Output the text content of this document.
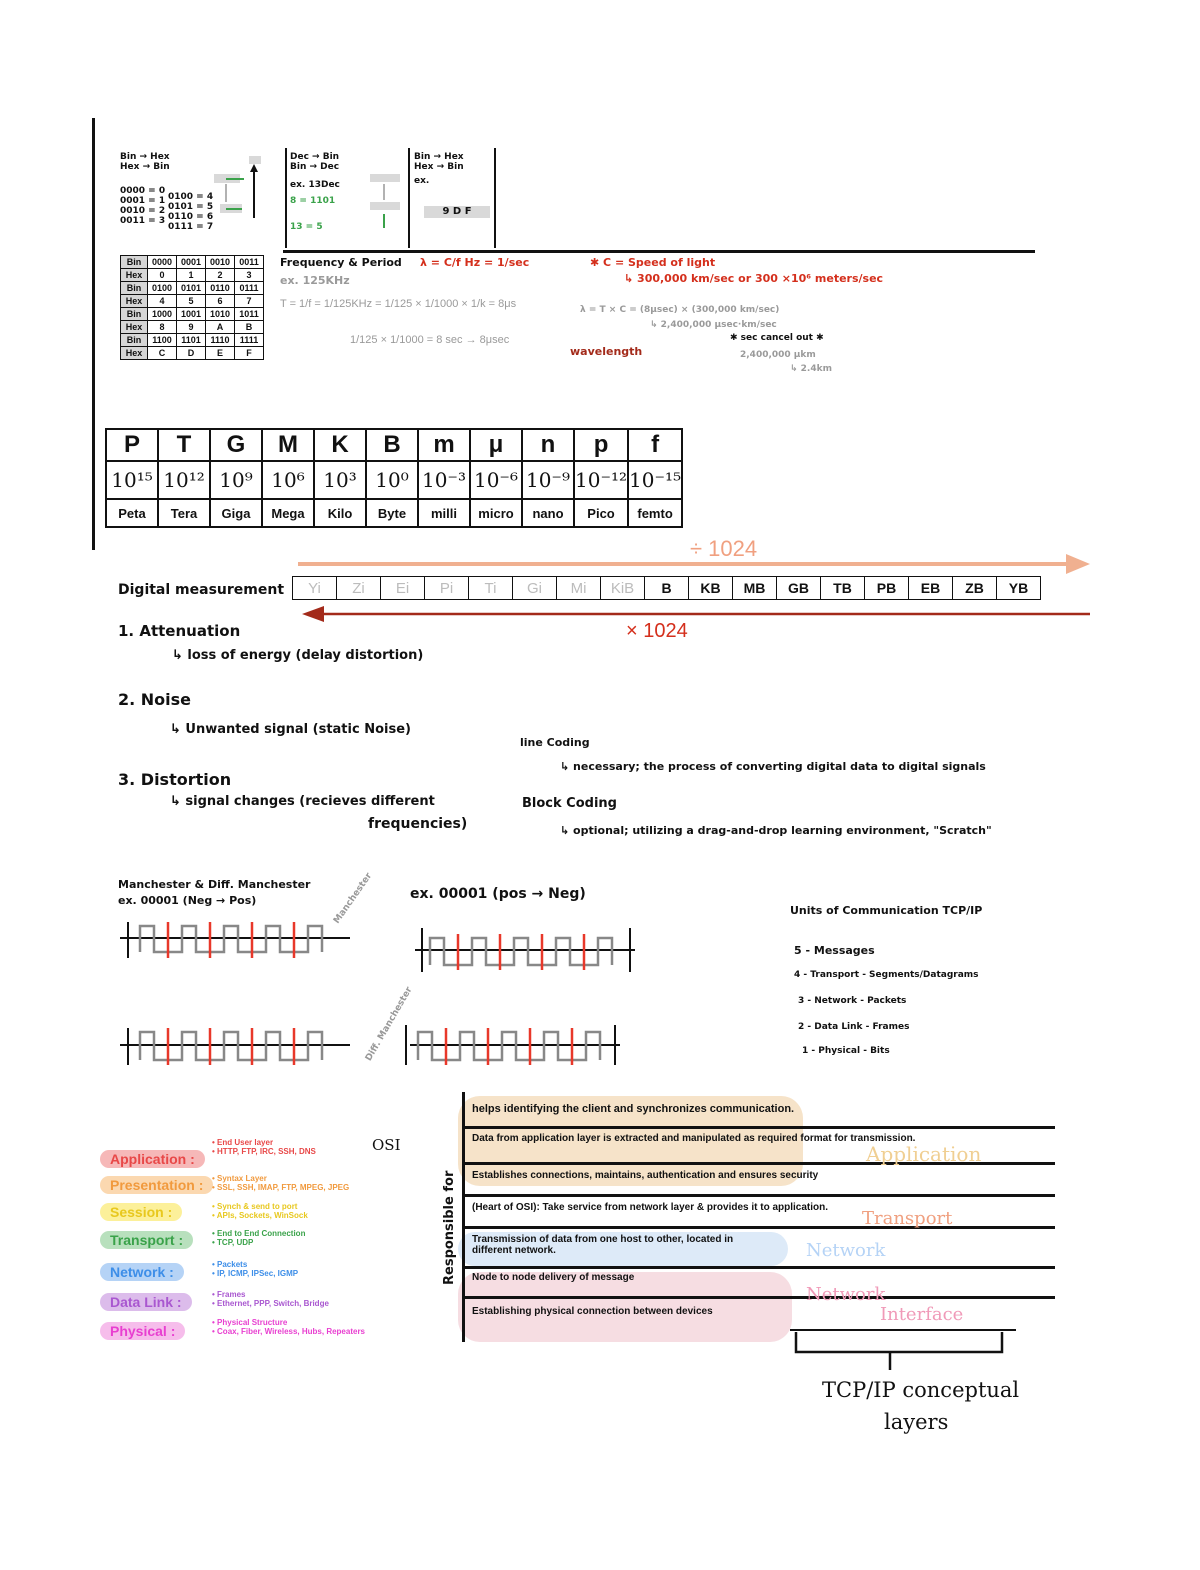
Bin → Hex
Hex → Bin
0000 = 0
0001 = 1
0010 = 2
0011 = 3
0100 = 4
0101 = 5
0110 = 6
0111 = 7
Dec → Bin
Bin → Dec
ex. 13Dec
8 = 1101
13 = 5
Bin → Hex
Hex → Bin
ex.
9 D F
Bin	0000	0001	0010	0011
Hex	0	1	2	3
Bin	0100	0101	0110	0111
Hex	4	5	6	7
Bin	1000	1001	1010	1011
Hex	8	9	A	B
Bin	1100	1101	1110	1111
Hex	C	D	E	F
Frequency & Period
ex. 125KHz
T = 1/f = 1/125KHz = 1/125 × 1/1000 × 1/k = 8μs
1/125 × 1/1000 = 8 sec → 8μsec
wavelength
λ = C/f Hz = 1/sec	✱ C = Speed of light
↳ 300,000 km/sec or 300 ×10⁶ meters/sec
λ = T × C = (8μsec) × (300,000 km/sec)
↳ 2,400,000 μsec·km/sec
✱ sec cancel out ✱
2,400,000 μkm
↳ 2.4km
P	T	G	M	K	B	m	μ	n	p	f
10¹⁵	10¹²	10⁹	10⁶	10³	10⁰	10⁻³	10⁻⁶	10⁻⁹	10⁻¹²	10⁻¹⁵
Peta	Tera	Giga	Mega	Kilo	Byte	milli	micro	nano	Pico	femto
÷ 1024
Digital measurement Yi	Zi	Ei	Pi	Ti	Gi	Mi	KiB	B	KB	MB	GB	TB	PB	EB	ZB	YB
× 1024
1. Attenuation
↳ loss of energy (delay distortion)
2. Noise
↳ Unwanted signal (static Noise)
3. Distortion
↳ signal changes (recieves different
frequencies)
line Coding
↳ necessary; the process of converting digital data to digital signals
Block Coding
↳ optional; utilizing a drag-and-drop learning environment, "Scratch"
Manchester & Diff. Manchester
ex. 00001 (Neg → Pos)	ex. 00001 (pos → Neg)
Manchester
Diff. Manchester
Units of Communication TCP/IP
5 - Messages
4 - Transport - Segments/Datagrams
3 - Network - Packets
2 - Data Link - Frames
1 - Physical - Bits
OSI
Application :
• End User layer
• HTTP, FTP, IRC, SSH, DNS
Presentation :	• Syntax Layer
• SSL, SSH, IMAP, FTP, MPEG, JPEG
Session :	• Synch & send to port
• APIs, Sockets, WinSock
Transport :	• End to End Connection
• TCP, UDP
Network :	• Packets
• IP, ICMP, IPSec, IGMP
Data Link :	• Frames
• Ethernet, PPP, Switch, Bridge
Physical :
• Physical Structure
• Coax, Fiber, Wireless, Hubs, Repeaters
Responsible for
helps identifying the client and synchronizes communication.
Data from application layer is extracted and manipulated as required format for transmission.
Establishes connections, maintains, authentication and ensures security
(Heart of OSI): Take service from network layer & provides it to application.
Transmission of data from one host to other, located in different network.
Node to node delivery of message
Establishing physical connection between devices
Application
Transport
Network
Network
Interface
TCP/IP conceptual
layers
